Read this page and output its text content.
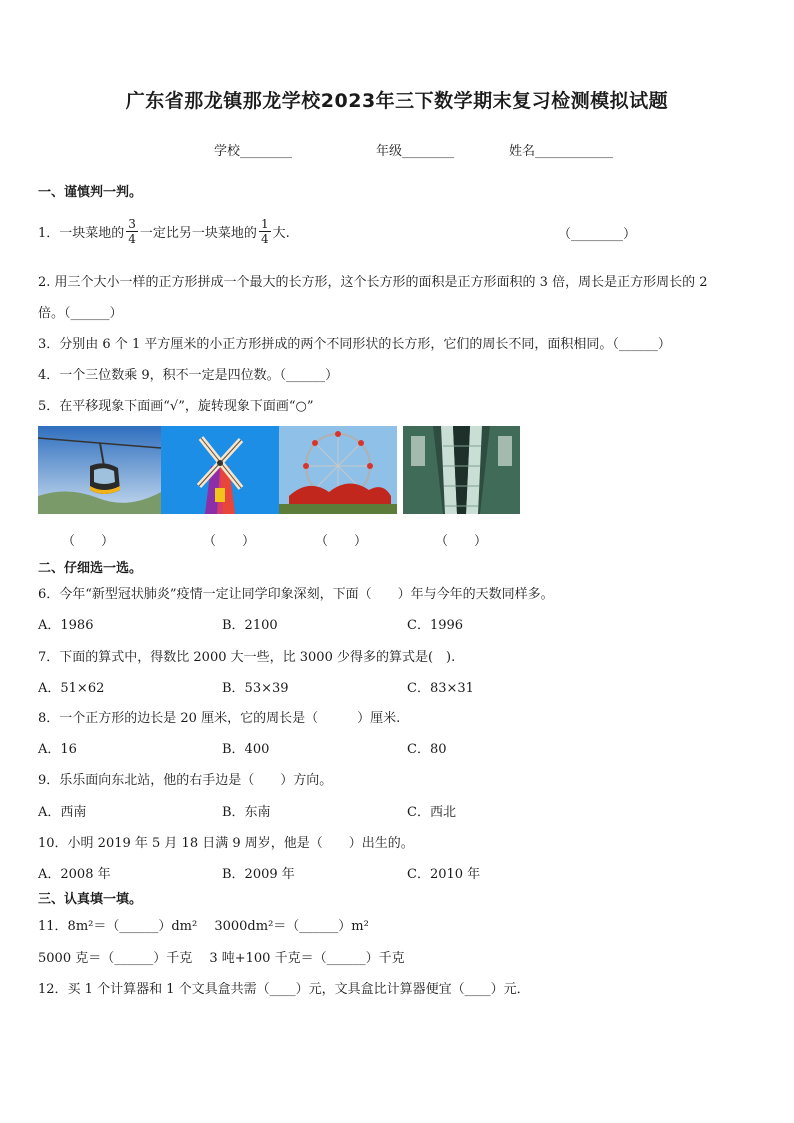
广东省那龙镇那龙学校2023年三下数学期末复习检测模拟试题
学校________	年级________	姓名____________
一、谨慎判一判。
1．一块菜地的 $\frac{3}{4}$ 一定比另一块菜地的 $\frac{1}{4}$ 大.	（________）
2. 用三个大小一样的正方形拼成一个最大的长方形，这个长方形的面积是正方形面积的 3 倍，周长是正方形周长的 2
倍。（______）
3．分别由 6 个 1 平方厘米的小正方形拼成的两个不同形状的长方形，它们的周长不同，面积相同。（______）
4．一个三位数乘 9，积不一定是四位数。（______）
5．在平移现象下面画“√”，旋转现象下面画“○”
（　　）	（　　）	（　　）	（　　）
二、仔细选一选。
6．今年“新型冠状肺炎”疫情一定让同学印象深刻，下面（　　）年与今年的天数同样多。
A．1986	B．2100	C．1996
7．下面的算式中，得数比 2000 大一些，比 3000 少得多的算式是(　).
A．51×62	B．53×39	C．83×31
8．一个正方形的边长是 20 厘米，它的周长是（　　　）厘米.
A．16	B．400	C．80
9．乐乐面向东北站，他的右手边是（　　）方向。
A．西南	B．东南	C．西北
10．小明 2019 年 5 月 18 日满 9 周岁，他是（　　）出生的。
A．2008 年	B．2009 年	C．2010 年
三、认真填一填。
11．8m²＝（______）dm²　 3000dm²＝（______）m²
5000 克＝（______）千克　 3 吨+100 千克＝（______）千克
12．买 1 个计算器和 1 个文具盒共需（____）元，文具盒比计算器便宜（____）元．
